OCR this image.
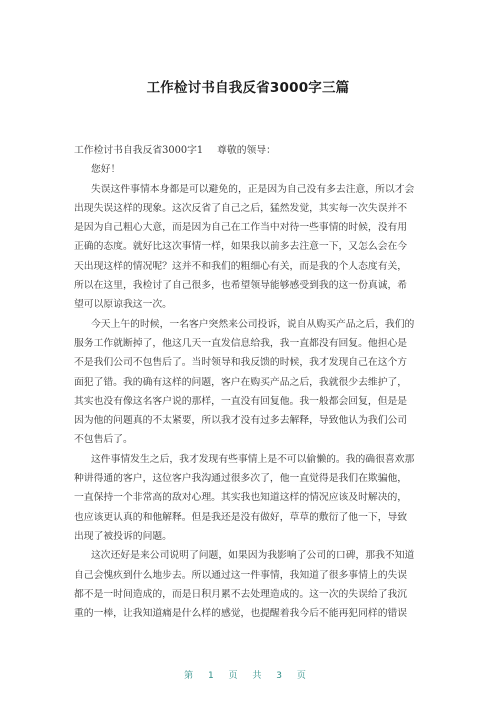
工作检讨书自我反省3000字三篇
工作检讨书自我反省3000字1 尊敬的领导：
您好！
失误这件事情本身都是可以避免的，正是因为自己没有多去注意，所以才会
出现失误这样的现象。这次反省了自己之后，猛然发觉，其实每一次失误并不
是因为自己粗心大意，而是因为自己在工作当中对待一些事情的时候，没有用
正确的态度。就好比这次事情一样，如果我以前多去注意一下，又怎么会在今
天出现这样的情况呢？这并不和我们的粗细心有关，而是我的个人态度有关，
所以在这里，我检讨了自己很多，也希望领导能够感受到我的这一份真诚，希
望可以原谅我这一次。
今天上午的时候，一名客户突然来公司投诉，说自从购买产品之后，我们的
服务工作就断掉了，他这几天一直发信息给我，我一直都没有回复。他担心是
不是我们公司不包售后了。当时领导和我反馈的时候，我才发现自己在这个方
面犯了错。我的确有这样的问题，客户在购买产品之后，我就很少去维护了，
其实也没有像这名客户说的那样，一直没有回复他。我一般都会回复，但是是
因为他的问题真的不太紧要，所以我才没有过多去解释，导致他认为我们公司
不包售后了。
这件事情发生之后，我才发现有些事情上是不可以偷懒的。我的确很喜欢那
种讲得通的客户，这位客户我沟通过很多次了，他一直觉得是我们在欺骗他，
一直保持一个非常高的敌对心理。其实我也知道这样的情况应该及时解决的，
也应该更认真的和他解释。但是我还是没有做好，草草的敷衍了他一下，导致
出现了被投诉的问题。
这次还好是来公司说明了问题，如果因为我影响了公司的口碑，那我不知道
自己会愧疚到什么地步去。所以通过这一件事情，我知道了很多事情上的失误
都不是一时间造成的，而是日积月累不去处理造成的。这一次的失误给了我沉
重的一棒，让我知道痛是什么样的感觉，也提醒着我今后不能再犯同样的错误
第 1 页 共 3 页
